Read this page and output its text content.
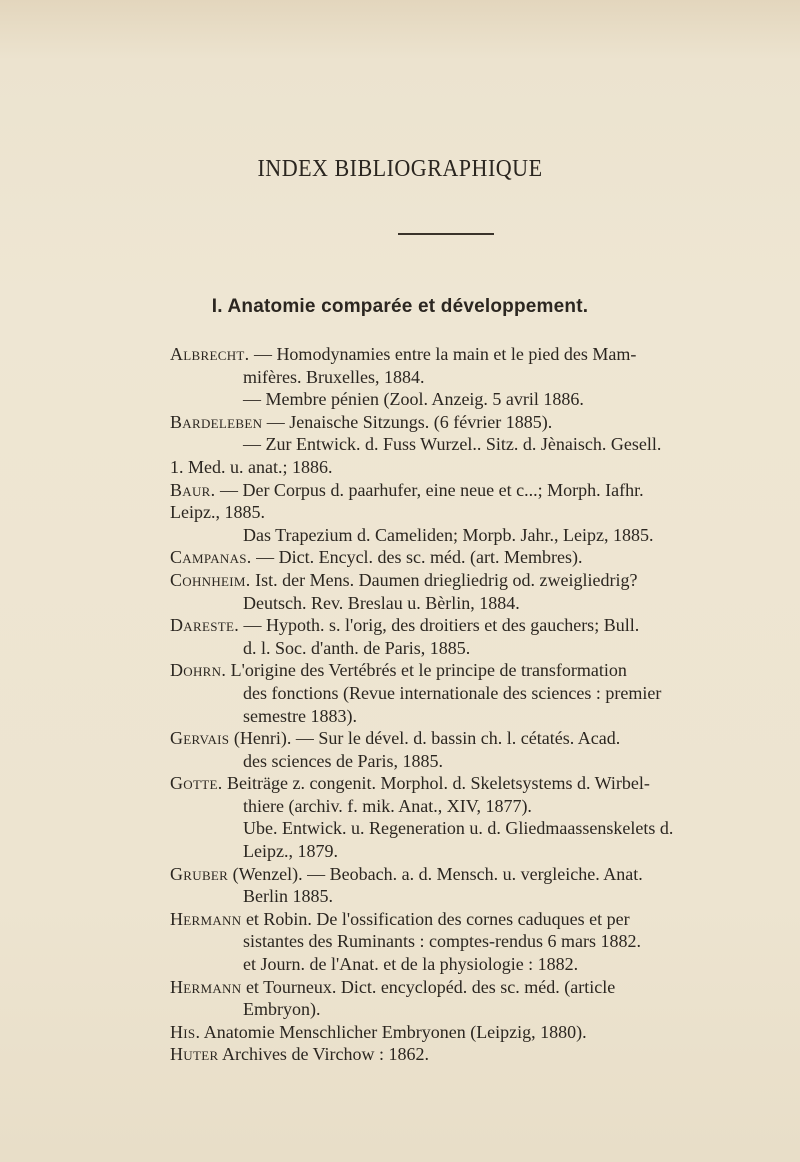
INDEX BIBLIOGRAPHIQUE
I. Anatomie comparée et développement.
Albrecht. — Homodynamies entre la main et le pied des Mam-
mifères. Bruxelles, 1884.
— Membre pénien (Zool. Anzeig. 5 avril 1886.
Bardeleben — Jenaische Sitzungs. (6 février 1885).
— Zur Entwick. d. Fuss Wurzel.. Sitz. d. Jènaisch. Gesell.
1. Med. u. anat.; 1886.
Baur. — Der Corpus d. paarhufer, eine neue et c...; Morph. Iafhr.
Leipz., 1885.
Das Trapezium d. Cameliden; Morpb. Jahr., Leipz, 1885.
Campanas. — Dict. Encycl. des sc. méd. (art. Membres).
Cohnheim. Ist. der Mens. Daumen driegliedrig od. zweigliedrig?
Deutsch. Rev. Breslau u. Bèrlin, 1884.
Dareste. — Hypoth. s. l'orig, des droitiers et des gauchers; Bull.
d. l. Soc. d'anth. de Paris, 1885.
Dohrn. L'origine des Vertébrés et le principe de transformation
des fonctions (Revue internationale des sciences : premier
semestre 1883).
Gervais (Henri). — Sur le dével. d. bassin ch. l. cétatés. Acad.
des sciences de Paris, 1885.
Gotte. Beiträge z. congenit. Morphol. d. Skeletsystems d. Wirbel-
thiere (archiv. f. mik. Anat., XIV, 1877).
Ube. Entwick. u. Regeneration u. d. Gliedmaassenskelets d.
Leipz., 1879.
Gruber (Wenzel). — Beobach. a. d. Mensch. u. vergleiche. Anat.
Berlin 1885.
Hermann et Robin. De l'ossification des cornes caduques et per
sistantes des Ruminants : comptes-rendus 6 mars 1882.
et Journ. de l'Anat. et de la physiologie : 1882.
Hermann et Tourneux. Dict. encyclopéd. des sc. méd. (article
Embryon).
His. Anatomie Menschlicher Embryonen (Leipzig, 1880).
Huter Archives de Virchow : 1862.
